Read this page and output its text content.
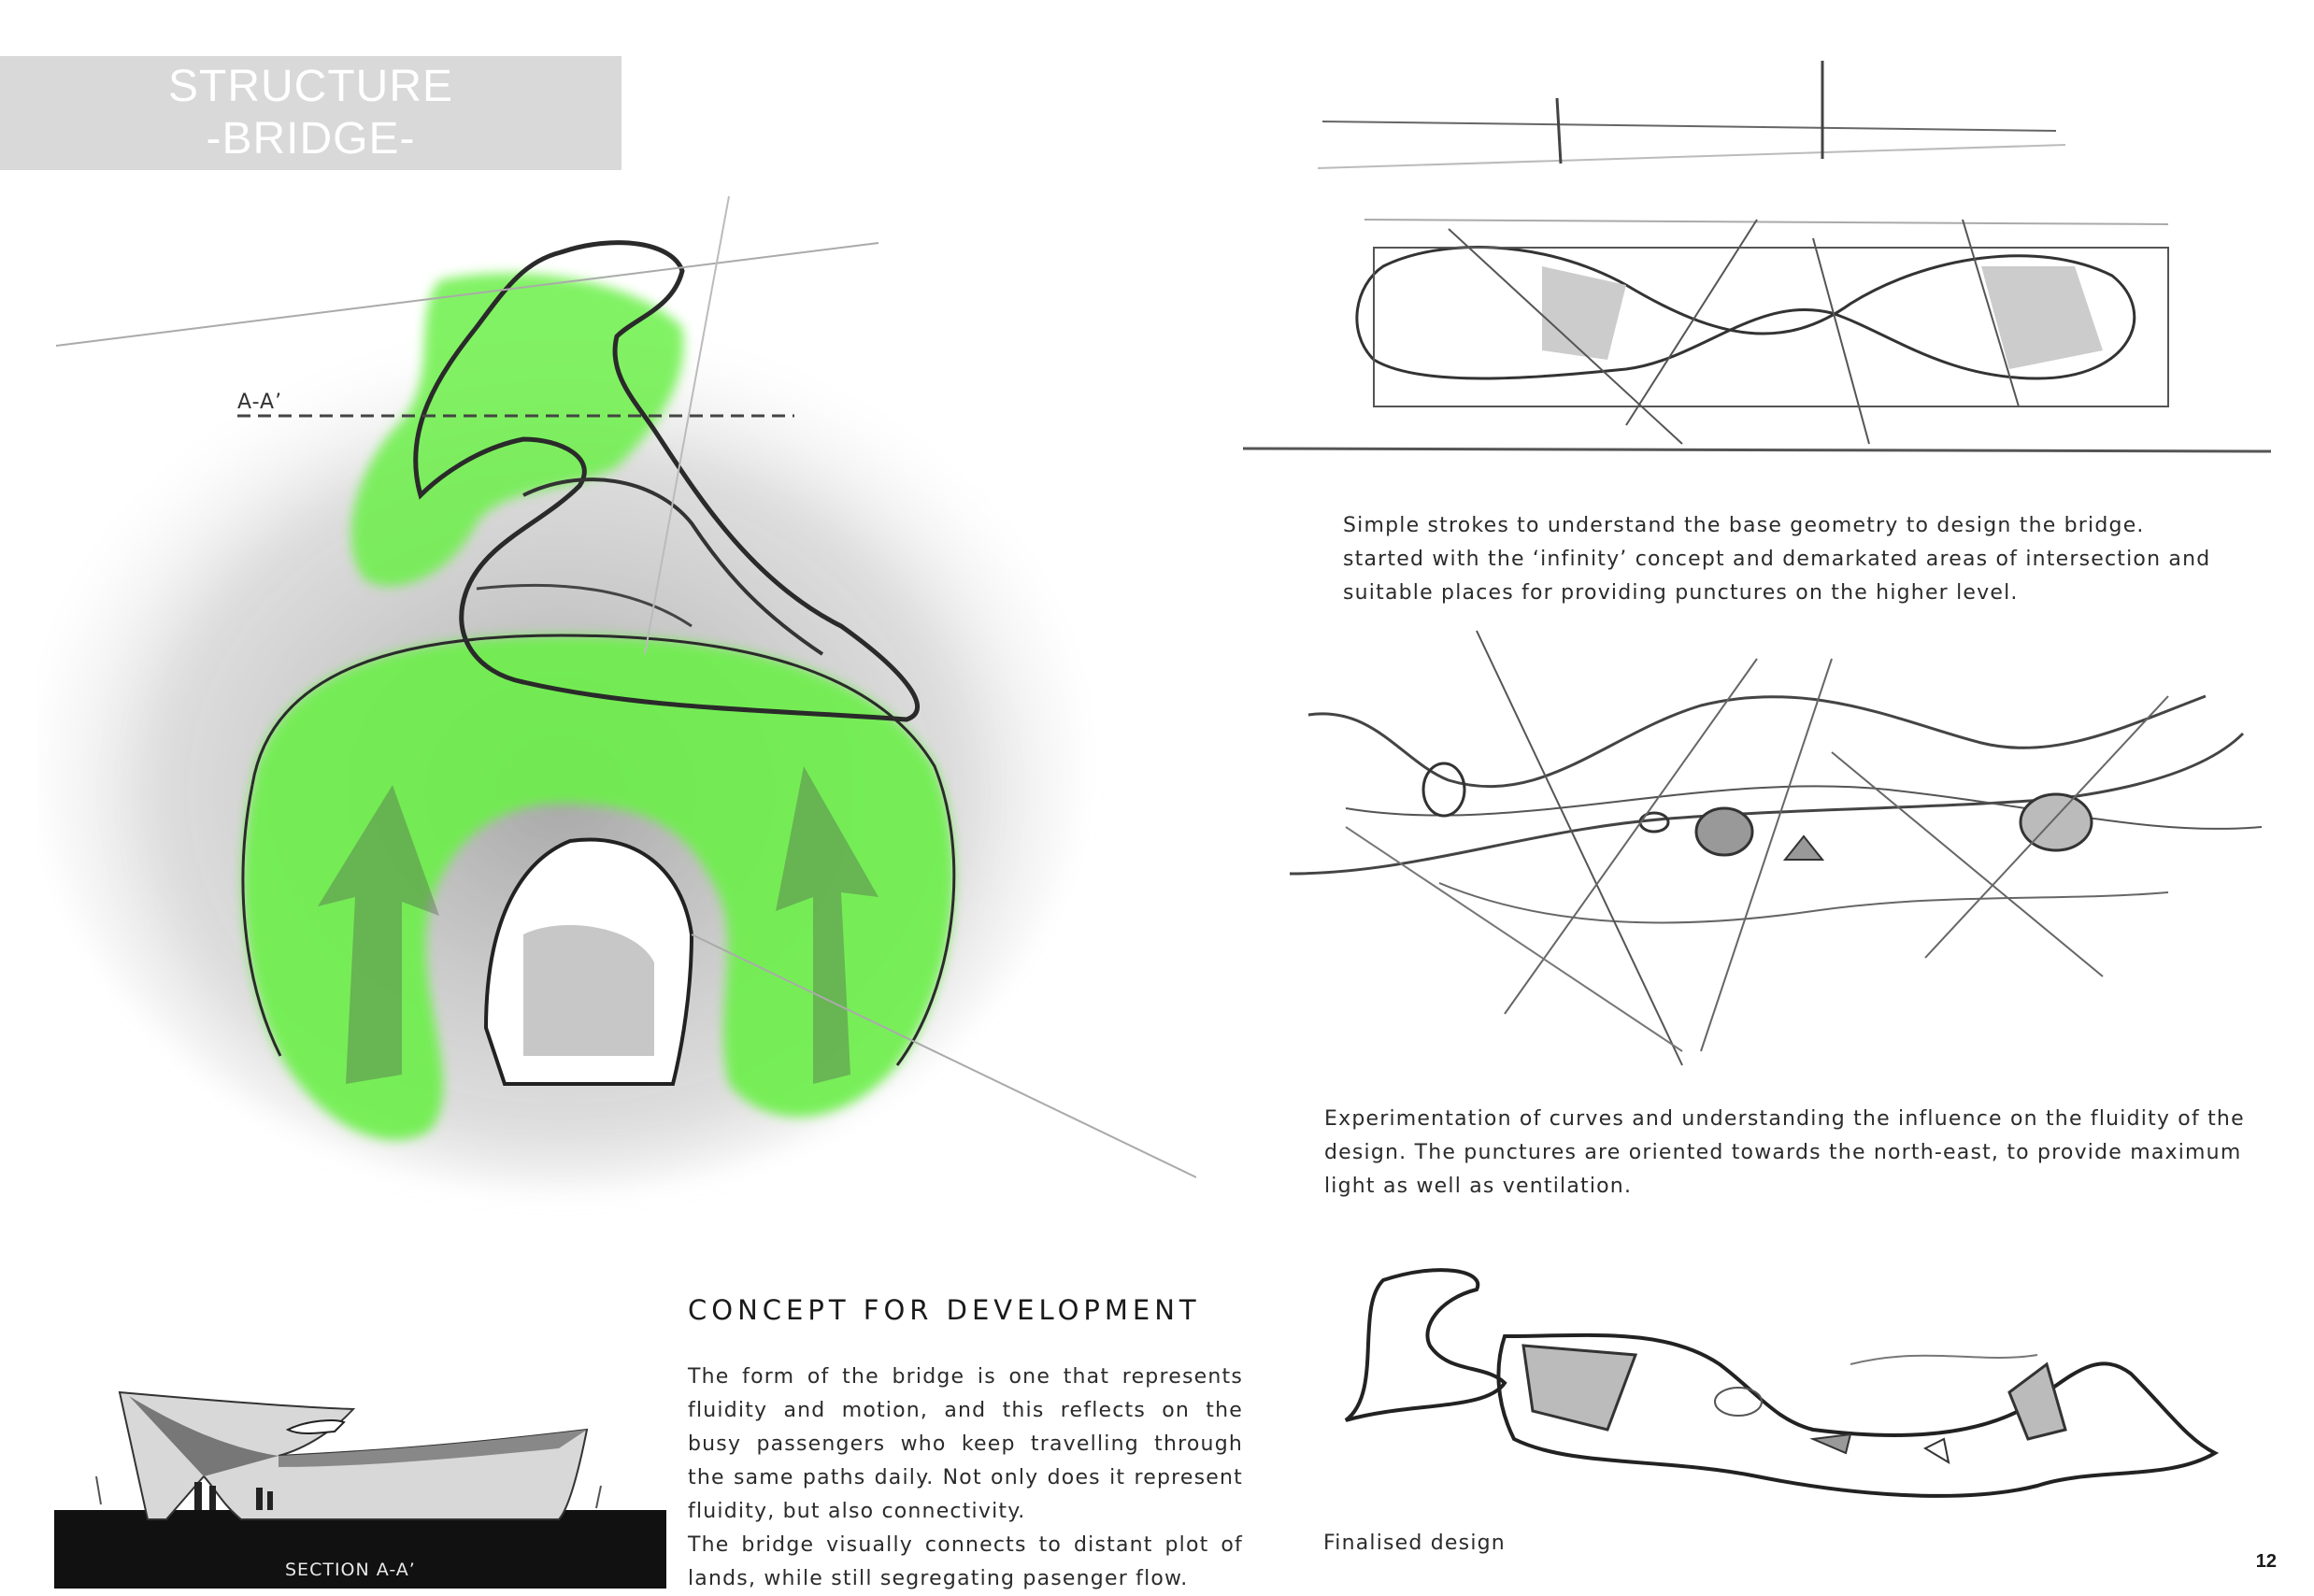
STRUCTURE
-BRIDGE-
A-A’
Simple strokes to understand the base geometry to design the bridge.
started with the ‘infinity’ concept and demarkated areas of intersection and
suitable places for providing punctures on the higher level.
Experimentation of curves and understanding the influence on the fluidity of the
design. The punctures are oriented towards the north-east, to provide maximum
light as well as ventilation.
Finalised design
SECTION A-A’
CONCEPT FOR DEVELOPMENT
The form of the bridge is one that represents fluidity and motion, and this reflects on the busy passengers who keep travelling through the same paths daily. Not only does it represent fluidity, but also connectivity.
The bridge visually connects to distant plot of lands, while still segregating pasenger flow.
12
